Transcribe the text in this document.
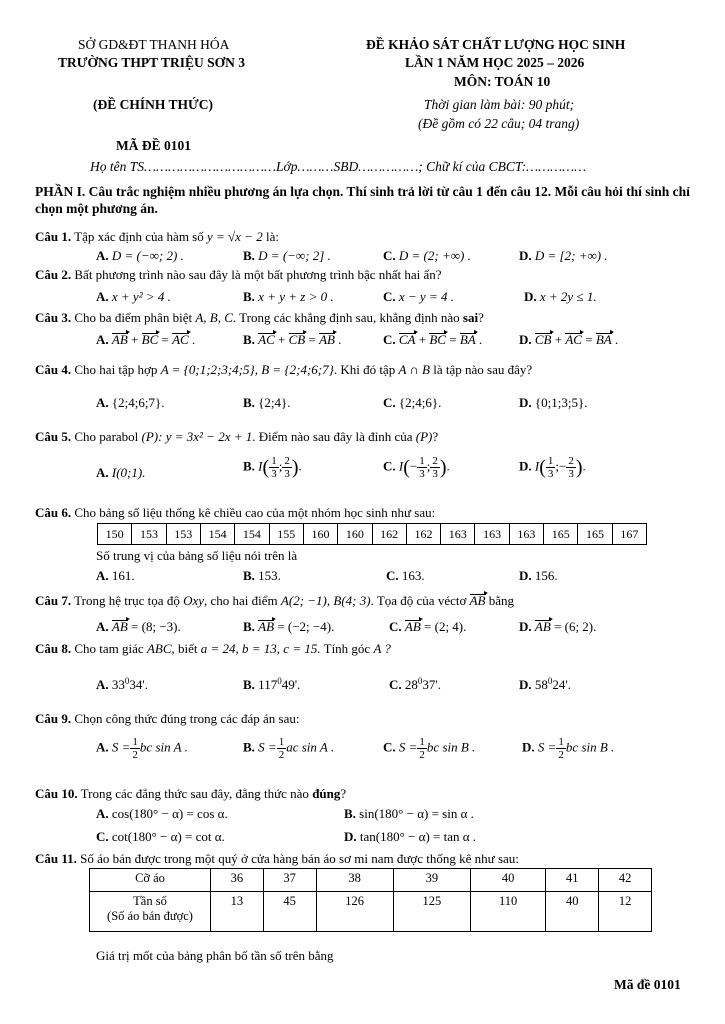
SỞ GD&ĐT THANH HÓA
TRƯỜNG THPT TRIỆU SƠN 3
(ĐỀ CHÍNH THỨC)
MÃ ĐỀ 0101
ĐỀ KHẢO SÁT CHẤT LƯỢNG HỌC SINH
LẦN 1 NĂM HỌC 2025 – 2026
MÔN: TOÁN 10
Thời gian làm bài: 90 phút;
(Đề gồm có 22 câu; 04 trang)
Họ tên TS……………………………Lớp………SBD……………; Chữ kí của CBCT:……………
PHẦN I. Câu trắc nghiệm nhiều phương án lựa chọn. Thí sinh trả lời từ câu 1 đến câu 12. Mỗi câu hỏi thí sinh chỉ chọn một phương án.
Câu 1. Tập xác định của hàm số y = √x − 2 là:
A. D = (−∞; 2) .	B. D = (−∞; 2] .	C. D = (2; +∞) .	D. D = [2; +∞) .
Câu 2. Bất phương trình nào sau đây là một bất phương trình bậc nhất hai ẩn?
A. x + y² > 4 .	B. x + y + z > 0 .	C. x − y = 4 .	D. x + 2y ≤ 1.
Câu 3. Cho ba điểm phân biệt A, B, C. Trong các khẳng định sau, khẳng định nào sai?
A. AB + BC = AC .	B. AC + CB = AB .	C. CA + BC = BA .	D. CB + AC = BA .
Câu 4. Cho hai tập hợp A = {0;1;2;3;4;5}, B = {2;4;6;7}. Khi đó tập A ∩ B là tập nào sau đây?
A. {2;4;6;7}.	B. {2;4}.	C. {2;4;6}.	D. {0;1;3;5}.
Câu 5. Cho parabol (P): y = 3x² − 2x + 1. Điểm nào sau đây là đỉnh của (P)?
A. I(0;1).	B. $I( \frac{1}{3}$ ; $\frac{2}{3}$ ).	C. $I(- \frac{1}{3}$ ; $\frac{2}{3}$ ).	D. $I( \frac{1}{3}$ ;− $\frac{2}{3}$ ).
Câu 6. Cho bảng số liệu thống kê chiều cao của một nhóm học sinh như sau:
150	153	153	154	154	155	160	160	162	162	163	163	163	165	165	167
Số trung vị của bảng số liệu nói trên là
A. 161.	B. 153.	C. 163.	D. 156.
Câu 7. Trong hệ trục tọa độ Oxy, cho hai điểm A(2; −1), B(4; 3). Tọa độ của véctơ AB bằng
A. AB = (8; −3).	B. AB = (−2; −4).	C. AB = (2; 4).	D. AB = (6; 2).
Câu 8. Cho tam giác ABC, biết a = 24, b = 13, c = 15. Tính góc A ?
A. $33^034'$.	B. $117^049'$.	C. $28^037'$.	D. $58^024'$.
Câu 9. Chọn công thức đúng trong các đáp án sau:
A. $S = \frac{1}{2}$ bc sin A .	B. $S = \frac{1}{2}$ ac sin A .	C. $S = \frac{1}{2}$ bc sin B .	D. $S = \frac{1}{2}$ bc sin B .
Câu 10. Trong các đẳng thức sau đây, đẳng thức nào đúng?
A. cos(180° − α) = cos α.	B. sin(180° − α) = sin α .
C. cot(180° − α) = cot α.	D. tan(180° − α) = tan α .
Câu 11. Số áo bán được trong một quý ở cửa hàng bán áo sơ mi nam được thống kê như sau:
Cỡ áo	36	37	38	39	40	41	42
Tần số
(Số áo bán được)	13	45	126	125	110	40	12
Giá trị mốt của bảng phân bố tần số trên bằng
Mã đề 0101
